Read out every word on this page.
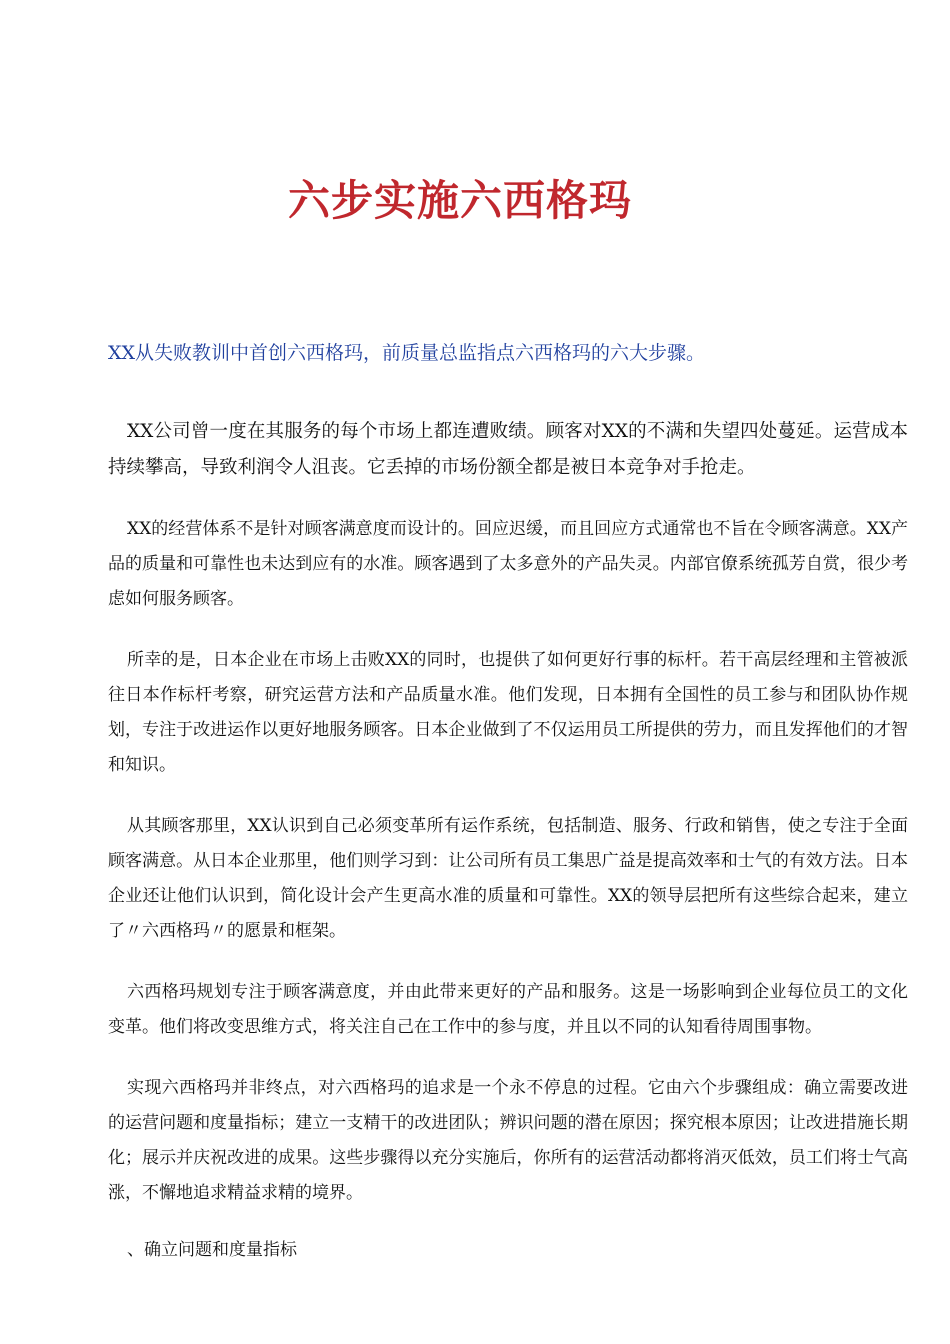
六步实施六西格玛

XX从失败教训中首创六西格玛，前质量总监指点六西格玛的六大步骤。

XX公司曾一度在其服务的每个市场上都连遭败绩。顾客对XX的不满和失望四处蔓延。运营成本持续攀高，导致利润令人沮丧。它丢掉的市场份额全都是被日本竞争对手抢走。

XX的经营体系不是针对顾客满意度而设计的。回应迟缓，而且回应方式通常也不旨在令顾客满意。XX产品的质量和可靠性也未达到应有的水准。顾客遇到了太多意外的产品失灵。内部官僚系统孤芳自赏，很少考虑如何服务顾客。

所幸的是，日本企业在市场上击败XX的同时，也提供了如何更好行事的标杆。若干高层经理和主管被派往日本作标杆考察，研究运营方法和产品质量水准。他们发现，日本拥有全国性的员工参与和团队协作规划，专注于改进运作以更好地服务顾客。日本企业做到了不仅运用员工所提供的劳力，而且发挥他们的才智和知识。

从其顾客那里，XX认识到自己必须变革所有运作系统，包括制造、服务、行政和销售，使之专注于全面顾客满意。从日本企业那里，他们则学习到：让公司所有员工集思广益是提高效率和士气的有效方法。日本企业还让他们认识到，简化设计会产生更高水准的质量和可靠性。XX的领导层把所有这些综合起来，建立了〃六西格玛〃的愿景和框架。

六西格玛规划专注于顾客满意度，并由此带来更好的产品和服务。这是一场影响到企业每位员工的文化变革。他们将改变思维方式，将关注自己在工作中的参与度，并且以不同的认知看待周围事物。

实现六西格玛并非终点，对六西格玛的追求是一个永不停息的过程。它由六个步骤组成：确立需要改进的运营问题和度量指标；建立一支精干的改进团队；辨识问题的潜在原因；探究根本原因；让改进措施长期化；展示并庆祝改进的成果。这些步骤得以充分实施后，你所有的运营活动都将消灭低效，员工们将士气高涨，不懈地追求精益求精的境界。

、确立问题和度量指标
